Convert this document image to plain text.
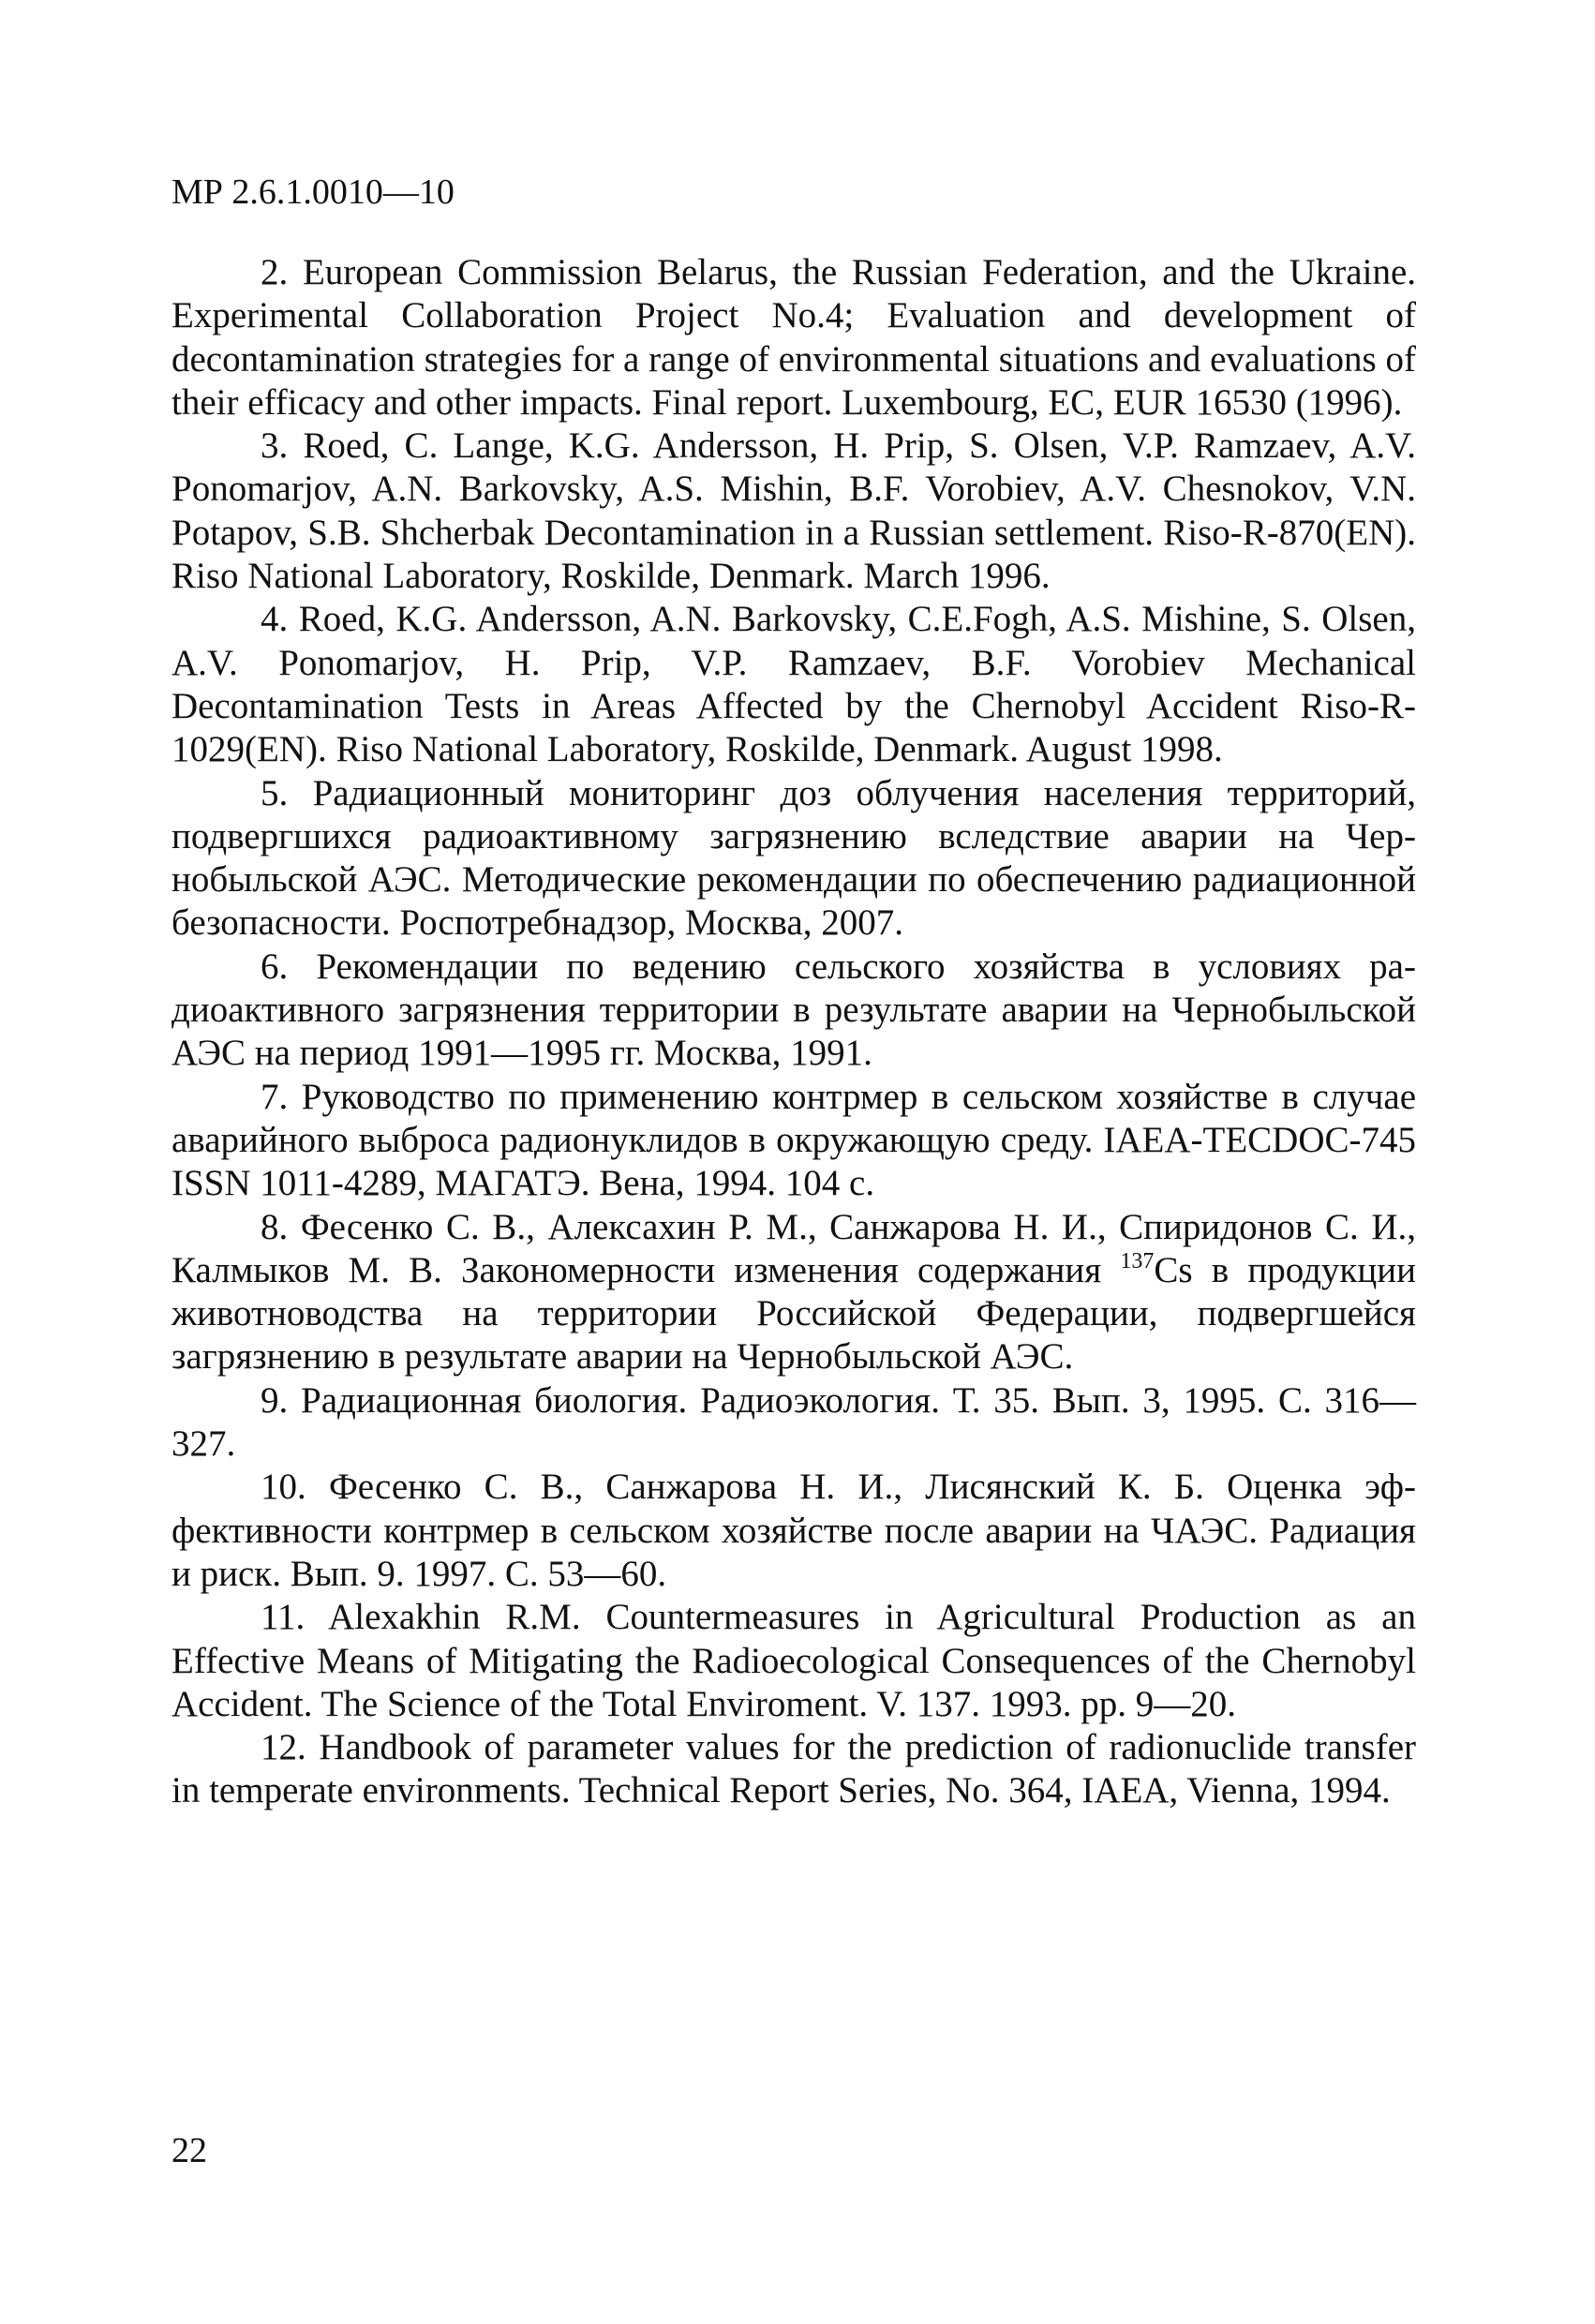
МР 2.6.1.0010—10

2. European Commission Belarus, the Russian Federation, and the Ukraine. Experimental Collaboration Project No.4; Evaluation and development of decontamination strategies for a range of environmental situations and evaluations of their efficacy and other impacts. Final report. Luxembourg, EC, EUR 16530 (1996).

3. Roed, C. Lange, K.G. Andersson, H. Prip, S. Olsen, V.P. Ramzaev, A.V. Ponomarjov, A.N. Barkovsky, A.S. Mishin, B.F. Vorobiev, A.V. Chesnokov, V.N. Potapov, S.B. Shcherbak Decontamination in a Russian settlement. Riso-R-870(EN). Riso National Laboratory, Roskilde, Denmark. March 1996.

4. Roed, K.G. Andersson, A.N. Barkovsky, C.E.Fogh, A.S. Mishine, S. Olsen, A.V. Ponomarjov, H. Prip, V.P. Ramzaev, B.F. Vorobiev Mechanical Decontamination Tests in Areas Affected by the Chernobyl Accident Riso-R-1029(EN). Riso National Laboratory, Roskilde, Denmark. August 1998.

5. Радиационный мониторинг доз облучения населения территорий, подвергшихся радиоактивному загрязнению вследствие аварии на Чернобыльской АЭС. Методические рекомендации по обеспечению радиационной безопасности. Роспотребнадзор, Москва, 2007.

6. Рекомендации по ведению сельского хозяйства в условиях радиоактивного загрязнения территории в результате аварии на Чернобыльской АЭС на период 1991—1995 гг. Москва, 1991.

7. Руководство по применению контрмер в сельском хозяйстве в случае аварийного выброса радионуклидов в окружающую среду. IAEA-TECDOC-745 ISSN 1011-4289, МАГАТЭ. Вена, 1994. 104 с.

8. Фесенко С. В., Алексахин Р. М., Санжарова Н. И., Спиридонов С. И., Калмыков М. В. Закономерности изменения содержания $^{137}$Cs в продукции животноводства на территории Российской Федерации, подвергшейся загрязнению в результате аварии на Чернобыльской АЭС.

9. Радиационная биология. Радиоэкология. Т. 35. Вып. 3, 1995. С. 316—327.

10. Фесенко С. В., Санжарова Н. И., Лисянский К. Б. Оценка эффективности контрмер в сельском хозяйстве после аварии на ЧАЭС. Радиация и риск. Вып. 9. 1997. С. 53—60.

11. Alexakhin R.M. Countermeasures in Agricultural Production as an Effective Means of Mitigating the Radioecological Consequences of the Chernobyl Accident. The Science of the Total Enviroment. V. 137. 1993. pp. 9—20.

12. Handbook of parameter values for the prediction of radionuclide transfer in temperate environments. Technical Report Series, No. 364, IAEA, Vienna, 1994.

22
